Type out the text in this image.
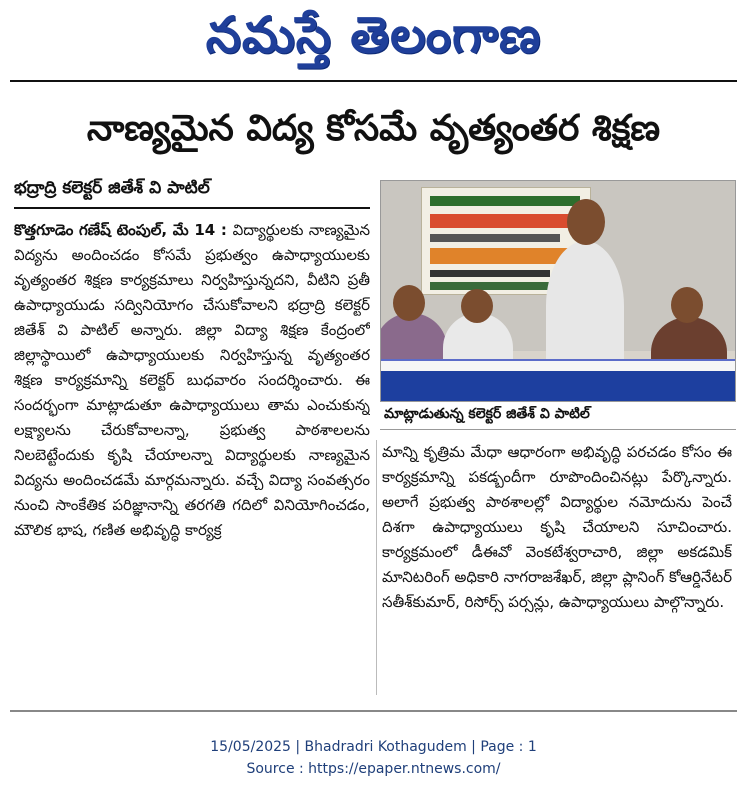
నమస్తే తెలంగాణ
నాణ్యమైన విద్య కోసమే వృత్యంతర శిక్షణ
భద్రాద్రి కలెక్టర్ జితేశ్ వి పాటిల్
కొత్తగూడెం గణేష్ టెంపుల్, మే 14 : విద్యార్థులకు నాణ్యమైన విద్యను అందించడం కోసమే ప్రభుత్వం ఉపాధ్యాయులకు వృత్యంతర శిక్షణ కార్యక్రమాలు నిర్వహిస్తున్నదని, వీటిని ప్రతీ ఉపాధ్యాయుడు సద్వినియోగం చేసుకోవాలని భద్రాద్రి కలెక్టర్ జితేశ్ వి పాటిల్ అన్నారు. జిల్లా విద్యా శిక్షణ కేంద్రంలో జిల్లాస్థాయిలో ఉపాధ్యాయులకు నిర్వహిస్తున్న వృత్యంతర శిక్షణ కార్యక్రమాన్ని కలెక్టర్ బుధవారం సందర్శించారు. ఈ సందర్భంగా మాట్లాడుతూ ఉపాధ్యాయులు తామ ఎంచుకున్న లక్ష్యాలను చేరుకోవాలన్నా, ప్రభుత్వ పాఠశాలలను నిలబెట్టేందుకు కృషి చేయాలన్నా విద్యార్థులకు నాణ్యమైన విద్యను అందించడమే మార్గమన్నారు. వచ్చే విద్యా సంవత్సరం నుంచి సాంకేతిక పరిజ్ఞానాన్ని తరగతి గదిలో వినియోగించడం, మౌలిక భాష, గణిత అభివృద్ధి కార్యక్ర
మాట్లాడుతున్న కలెక్టర్ జితేశ్ వి పాటిల్
మాన్ని కృత్రిమ మేధా ఆధారంగా అభివృద్ధి పరచడం కోసం ఈ కార్యక్రమాన్ని పకడ్బందీగా రూపొందించినట్లు పేర్కొన్నారు. అలాగే ప్రభుత్వ పాఠశాలల్లో విద్యార్థుల నమోదును పెంచే దిశగా ఉపాధ్యాయులు కృషి చేయాలని సూచించారు. కార్యక్రమంలో డీఈవో వెంకటేశ్వరాచారి, జిల్లా అకడమిక్ మానిటరింగ్ అధికారి నాగరాజశేఖర్, జిల్లా ప్లానింగ్ కోఆర్డినేటర్ సతీశ్‌కుమార్, రిసోర్స్ పర్సన్లు, ఉపాధ్యాయులు పాల్గొన్నారు.
15/05/2025 | Bhadradri Kothagudem | Page : 1
Source : https://epaper.ntnews.com/
